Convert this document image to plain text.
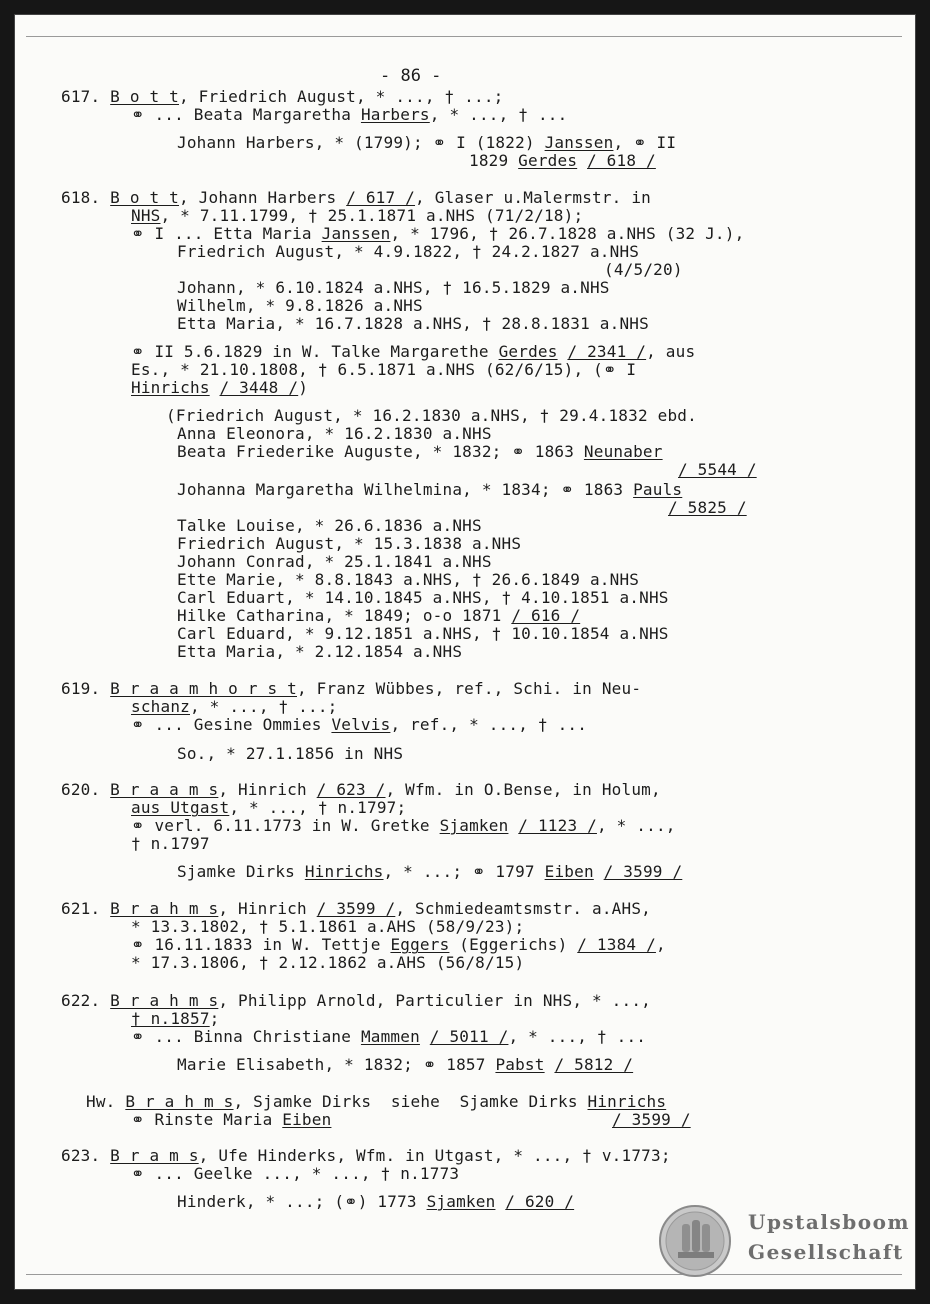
- 86 -
617. B o t t, Friedrich August, * ..., † ...;
⚭ ... Beata Margaretha Harbers, * ..., † ...
Johann Harbers, * (1799); ⚭ I (1822) Janssen, ⚭ II
1829 Gerdes / 618 /
618. B o t t, Johann Harbers / 617 /, Glaser u.Malermstr. in
NHS, * 7.11.1799, † 25.1.1871 a.NHS (71/2/18);
⚭ I ... Etta Maria Janssen, * 1796, † 26.7.1828 a.NHS (32 J.),
Friedrich August, * 4.9.1822, † 24.2.1827 a.NHS
(4/5/20)
Johann, * 6.10.1824 a.NHS, † 16.5.1829 a.NHS
Wilhelm, * 9.8.1826 a.NHS
Etta Maria, * 16.7.1828 a.NHS, † 28.8.1831 a.NHS
⚭ II 5.6.1829 in W. Talke Margarethe Gerdes / 2341 /, aus
Es., * 21.10.1808, † 6.5.1871 a.NHS (62/6/15), (⚭ I
Hinrichs / 3448 /)
(Friedrich August, * 16.2.1830 a.NHS, † 29.4.1832 ebd.
Anna Eleonora, * 16.2.1830 a.NHS
Beata Friederike Auguste, * 1832; ⚭ 1863 Neunaber
/ 5544 /
Johanna Margaretha Wilhelmina, * 1834; ⚭ 1863 Pauls
/ 5825 /
Talke Louise, * 26.6.1836 a.NHS
Friedrich August, * 15.3.1838 a.NHS
Johann Conrad, * 25.1.1841 a.NHS
Ette Marie, * 8.8.1843 a.NHS, † 26.6.1849 a.NHS
Carl Eduart, * 14.10.1845 a.NHS, † 4.10.1851 a.NHS
Hilke Catharina, * 1849; o-o 1871 / 616 /
Carl Eduard, * 9.12.1851 a.NHS, † 10.10.1854 a.NHS
Etta Maria, * 2.12.1854 a.NHS
619. B r a a m h o r s t, Franz Wübbes, ref., Schi. in Neu-
schanz, * ..., † ...;
⚭ ... Gesine Ommies Velvis, ref., * ..., † ...
So., * 27.1.1856 in NHS
620. B r a a m s, Hinrich / 623 /, Wfm. in O.Bense, in Holum,
aus Utgast, * ..., † n.1797;
⚭ verl. 6.11.1773 in W. Gretke Sjamken / 1123 /, * ...,
† n.1797
Sjamke Dirks Hinrichs, * ...; ⚭ 1797 Eiben / 3599 /
621. B r a h m s, Hinrich / 3599 /, Schmiedeamtsmstr. a.AHS,
* 13.3.1802, † 5.1.1861 a.AHS (58/9/23);
⚭ 16.11.1833 in W. Tettje Eggers (Eggerichs) / 1384 /,
* 17.3.1806, † 2.12.1862 a.AHS (56/8/15)
622. B r a h m s, Philipp Arnold, Particulier in NHS, * ...,
† n.1857;
⚭ ... Binna Christiane Mammen / 5011 /, * ..., † ...
Marie Elisabeth, * 1832; ⚭ 1857 Pabst / 5812 /
Hw. B r a h m s, Sjamke Dirks  siehe  Sjamke Dirks Hinrichs
⚭ Rinste Maria Eiben	/ 3599 /
623. B r a m s, Ufe Hinderks, Wfm. in Utgast, * ..., † v.1773;
⚭ ... Geelke ..., * ..., † n.1773
Hinderk, * ...; (⚭) 1773 Sjamken / 620 /
Upstalsboom
Gesellschaft
